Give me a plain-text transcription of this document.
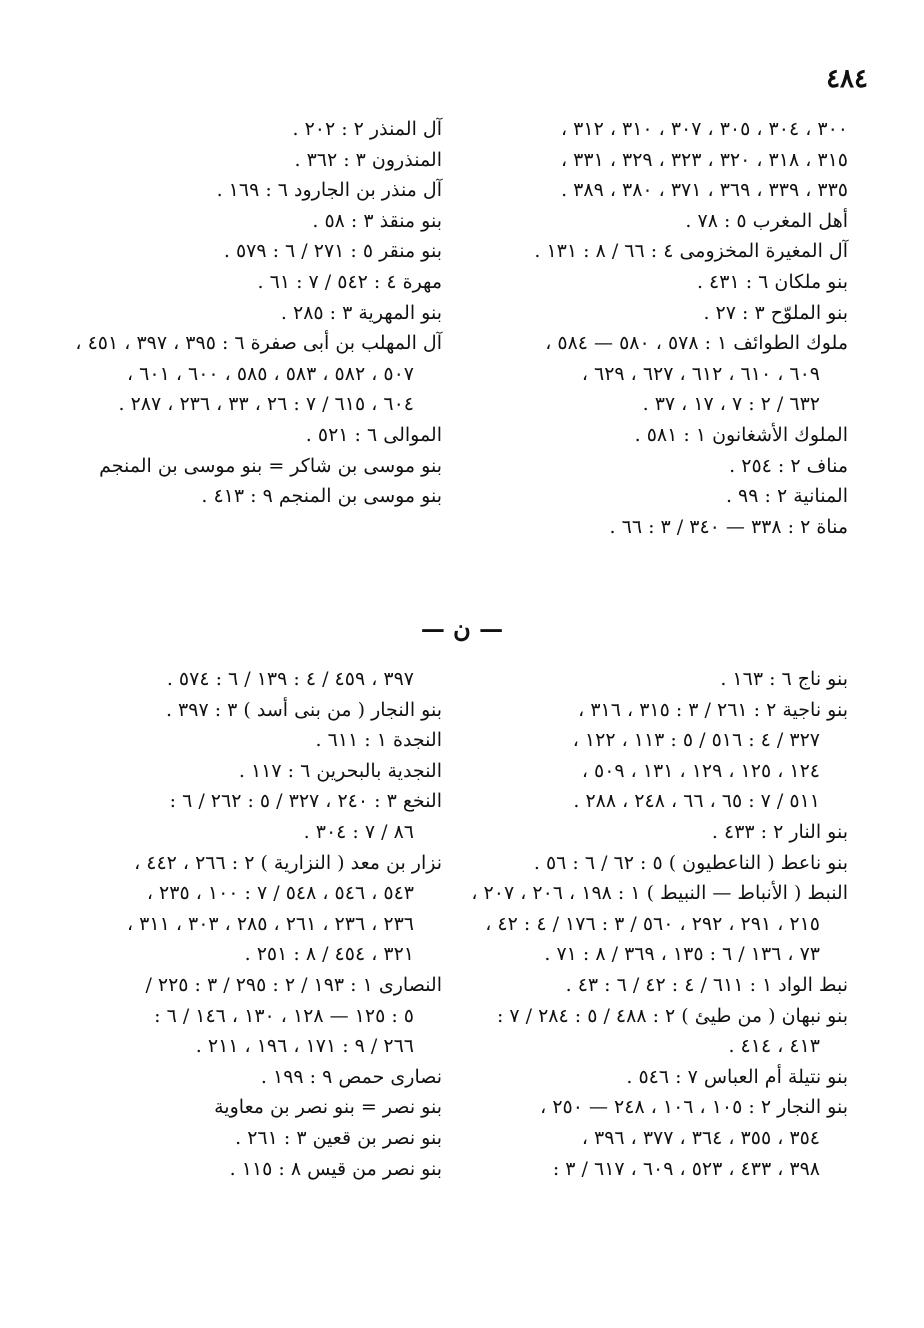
٤٨٤
٣٠٠ ، ٣٠٤ ، ٣٠٥ ، ٣٠٧ ، ٣١٠ ، ٣١٢ ،
٣١٥ ، ٣١٨ ، ٣٢٠ ، ٣٢٣ ، ٣٢٩ ، ٣٣١ ،
٣٣٥ ، ٣٣٩ ، ٣٦٩ ، ٣٧١ ، ٣٨٠ ، ٣٨٩ .
أهل المغرب ٥ : ٧٨ .
آل المغيرة المخزومى ٤ : ٦٦ / ٨ : ١٣١ .
بنو ملكان ٦ : ٤٣١ .
بنو الملوّح ٣ : ٢٧ .
ملوك الطوائف ١ : ٥٧٨ ، ٥٨٠ — ٥٨٤ ،
٦٠٩ ، ٦١٠ ، ٦١٢ ، ٦٢٧ ، ٦٢٩ ،
٦٣٢ / ٢ : ٧ ، ١٧ ، ٣٧ .
الملوك الأشغانون ١ : ٥٨١ .
مناف ٢ : ٢٥٤ .
المنانية ٢ : ٩٩ .
مناة ٢ : ٣٣٨ — ٣٤٠ / ٣ : ٦٦ .
آل المنذر ٢ : ٢٠٢ .
المنذرون ٣ : ٣٦٢ .
آل منذر بن الجارود ٦ : ١٦٩ .
بنو منقذ ٣ : ٥٨ .
بنو منقر ٥ : ٢٧١ / ٦ : ٥٧٩ .
مهرة ٤ : ٥٤٢ / ٧ : ٦١ .
بنو المهرية ٣ : ٢٨٥ .
آل المهلب بن أبى صفرة ٦ : ٣٩٥ ، ٣٩٧ ، ٤٥١ ،
٥٠٧ ، ٥٨٢ ، ٥٨٣ ، ٥٨٥ ، ٦٠٠ ، ٦٠١ ،
٦٠٤ ، ٦١٥ / ٧ : ٢٦ ، ٣٣ ، ٢٣٦ ، ٢٨٧ .
الموالى ٦ : ٥٢١ .
بنو موسى بن شاكر = بنو موسى بن المنجم
بنو موسى بن المنجم ٩ : ٤١٣ .
— ن —
بنو ناج ٦ : ١٦٣ .
بنو ناجية ٢ : ٢٦١ / ٣ : ٣١٥ ، ٣١٦ ،
٣٢٧ / ٤ : ٥١٦ / ٥ : ١١٣ ، ١٢٢ ،
١٢٤ ، ١٢٥ ، ١٢٩ ، ١٣١ ، ٥٠٩ ،
٥١١ / ٧ : ٦٥ ، ٦٦ ، ٢٤٨ ، ٢٨٨ .
بنو النار ٢ : ٤٣٣ .
بنو ناعط ( الناعطيون ) ٥ : ٦٢ / ٦ : ٥٦ .
النبط ( الأنباط — النبيط ) ١ : ١٩٨ ، ٢٠٦ ، ٢٠٧ ،
٢١٥ ، ٢٩١ ، ٢٩٢ ، ٥٦٠ / ٣ : ١٧٦ / ٤ : ٤٢ ،
٧٣ ، ١٣٦ / ٦ : ١٣٥ ، ٣٦٩ / ٨ : ٧١ .
نبط الواد ١ : ٦١١ / ٤ : ٤٢ / ٦ : ٤٣ .
بنو نبهان ( من طيئ ) ٢ : ٤٨٨ / ٥ : ٢٨٤ / ٧ :
٤١٣ ، ٤١٤ .
بنو نتيلة أم العباس ٧ : ٥٤٦ .
بنو النجار ٢ : ١٠٥ ، ١٠٦ ، ٢٤٨ — ٢٥٠ ،
٣٥٤ ، ٣٥٥ ، ٣٦٤ ، ٣٧٧ ، ٣٩٦ ،
٣٩٨ ، ٤٣٣ ، ٥٢٣ ، ٦٠٩ ، ٦١٧ / ٣ :
٣٩٧ ، ٤٥٩ / ٤ : ١٣٩ / ٦ : ٥٧٤ .
بنو النجار ( من بنى أسد ) ٣ : ٣٩٧ .
النجدة ١ : ٦١١ .
النجدية بالبحرين ٦ : ١١٧ .
النخع ٣ : ٢٤٠ ، ٣٢٧ / ٥ : ٢٦٢ / ٦ :
٨٦ / ٧ : ٣٠٤ .
نزار بن معد ( النزارية ) ٢ : ٢٦٦ ، ٤٤٢ ،
٥٤٣ ، ٥٤٦ ، ٥٤٨ / ٧ : ١٠٠ ، ٢٣٥ ،
٢٣٦ ، ٢٣٦ ، ٢٦١ ، ٢٨٥ ، ٣٠٣ ، ٣١١ ،
٣٢١ ، ٤٥٤ / ٨ : ٢٥١ .
النصارى ١ : ١٩٣ / ٢ : ٢٩٥ / ٣ : ٢٢٥ /
٥ : ١٢٥ — ١٢٨ ، ١٣٠ ، ١٤٦ / ٦ :
٢٦٦ / ٩ : ١٧١ ، ١٩٦ ، ٢١١ .
نصارى حمص ٩ : ١٩٩ .
بنو نصر = بنو نصر بن معاوية
بنو نصر بن قعين ٣ : ٢٦١ .
بنو نصر من قيس ٨ : ١١٥ .
